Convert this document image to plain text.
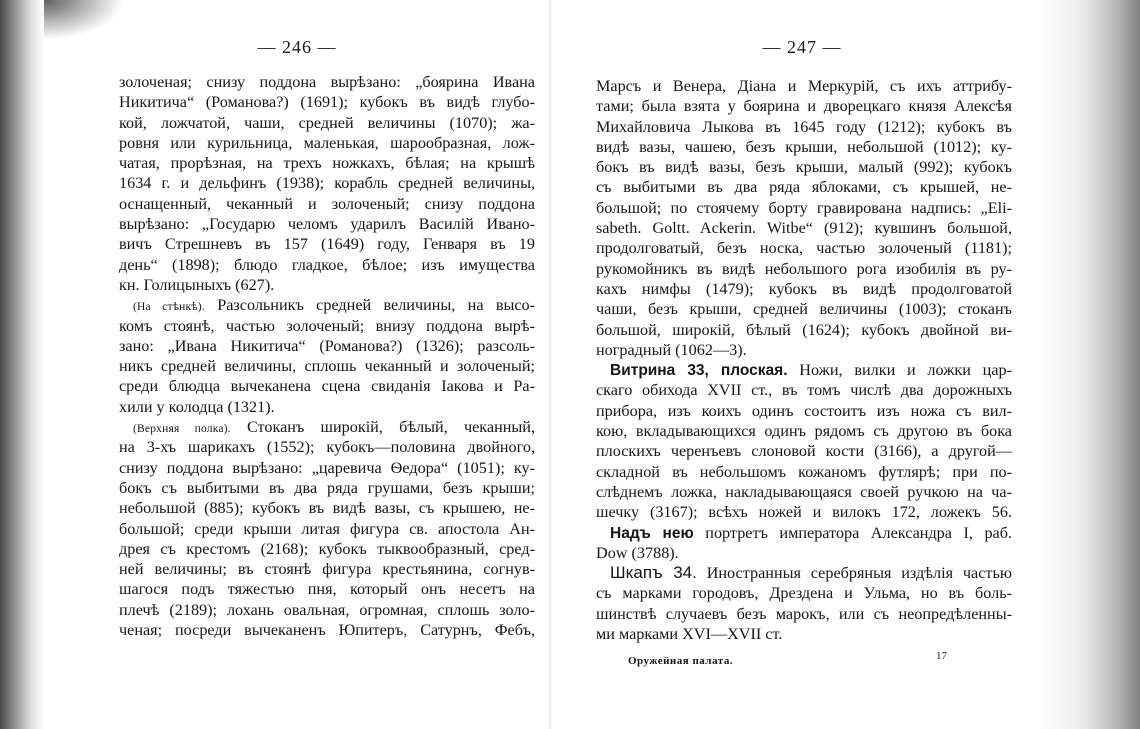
— 246 —
золоченая; снизу поддона вырѣзано: „боярина Ивана
Никитича“ (Романова?) (1691); кубокъ въ видѣ глубо-
кой, ложчатой, чаши, средней величины (1070); жа-
ровня или курильница, маленькая, шарообразная, лож-
чатая, прорѣзная, на трехъ ножкахъ, бѣлая; на крышѣ
1634 г. и дельфинъ (1938); корабль средней величины,
оснащенный, чеканный и золоченый; снизу поддона
вырѣзано: „Государю челомъ ударилъ Василій Ивано-
вичъ Стрешневъ въ 157 (1649) году, Генваря въ 19
день“ (1898); блюдо гладкое, бѣлое; изъ имущества
кн. Голицыныхъ (627).
(На стѣнкѣ). Разсольникъ средней величины, на высо-
комъ стоянѣ, частью золоченый; внизу поддона вырѣ-
зано: „Ивана Никитича“ (Романова?) (1326); разсоль-
никъ средней величины, сплошь чеканный и золоченый;
среди блюдца вычеканена сцена свиданія Іакова и Ра-
хили у колодца (1321).
(Верхняя полка). Стоканъ широкій, бѣлый, чеканный,
на 3-хъ шарикахъ (1552); кубокъ—половина двойного,
снизу поддона вырѣзано: „царевича Ѳедора“ (1051); ку-
бокъ съ выбитыми въ два ряда грушами, безъ крыши;
небольшой (885); кубокъ въ видѣ вазы, съ крышею, не-
большой; среди крыши литая фигура св. апостола Ан-
дрея съ крестомъ (2168); кубокъ тыквообразный, сред-
ней величины; въ стоянѣ фигура крестьянина, согнув-
шагося подъ тяжестью пня, который онъ несетъ на
плечѣ (2189); лохань овальная, огромная, сплошь золо-
ченая; посреди вычеканенъ Юпитеръ, Сатурнъ, Фебъ,
— 247 —
Марсъ и Венера, Діана и Меркурій, съ ихъ аттрибу-
тами; была взята у боярина и дворецкаго князя Алексѣя
Михайловича Лыкова въ 1645 году (1212); кубокъ въ
видѣ вазы, чашею, безъ крыши, небольшой (1012); ку-
бокъ въ видѣ вазы, безъ крыши, малый (992); кубокъ
съ выбитыми въ два ряда яблоками, съ крышей, не-
большой; по стоячему борту гравирована надпись: „Eli-
sabeth. Goltt. Ackerin. Witbe“ (912); кувшинъ большой,
продолговатый, безъ носка, частью золоченый (1181);
рукомойникъ въ видѣ небольшого рога изобилія въ ру-
кахъ нимфы (1479); кубокъ въ видѣ продолговатой
чаши, безъ крыши, средней величины (1003); стоканъ
большой, широкій, бѣлый (1624); кубокъ двойной ви-
ноградный (1062—3).
Витрина 33, плоская. Ножи, вилки и ложки цар-
скаго обихода XVII ст., въ томъ числѣ два дорожныхъ
прибора, изъ коихъ одинъ состоитъ изъ ножа съ вил-
кою, вкладывающихся одинъ рядомъ съ другою въ бока
плоскихъ черенъевъ слоновой кости (3166), а другой—
складной въ небольшомъ кожаномъ футлярѣ; при по-
слѣднемъ ложка, накладывающаяся своей ручкою на ча-
шечку (3167); всѣхъ ножей и вилокъ 172, ложекъ 56.
Надъ нею портретъ императора Александра I, раб.
Dow (3788).
Шкапъ 34. Иностранныя серебряныя издѣлія частью
съ марками городовъ, Дрездена и Ульма, но въ боль-
шинствѣ случаевъ безъ марокъ, или съ неопредѣленны-
ми марками XVI—XVII ст.
Оружейная палата.	17
